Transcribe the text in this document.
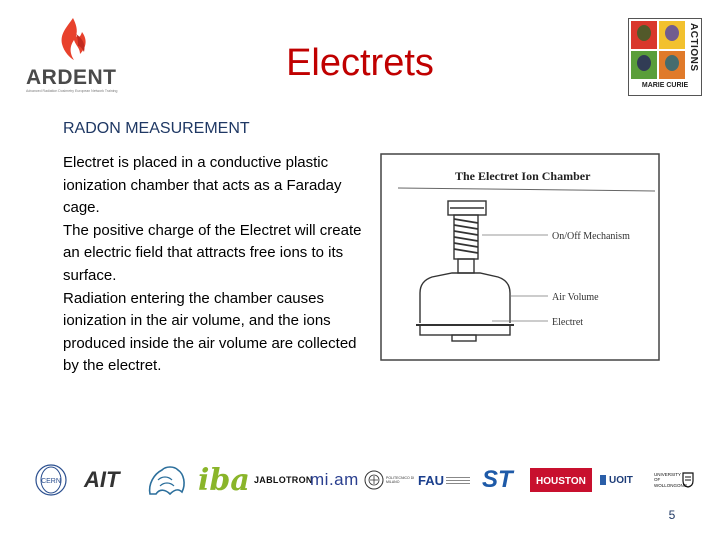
ARDENT
Advanced Radiation Dosimetry European Network Training
Electrets	ACTIONS
MARIE CURIE
RADON MEASUREMENT

Electret is placed in a conductive plastic ionization chamber that acts as a Faraday cage.

The positive charge of the Electret will create an electric field that attracts free ions to its surface.

Radiation entering the chamber causes ionization in the air volume, and the ions produced inside the air volume are collected by the electret.

The Electret Ion Chamber
On/Off Mechanism
Air Volume
Electret
CERN AIT	iba JABLOTRON
mi.am	POLITECNICO DI MILANO	FAU ST	HOUSTON	UOIT
UNIVERSITY OF WOLLONGONG
5
